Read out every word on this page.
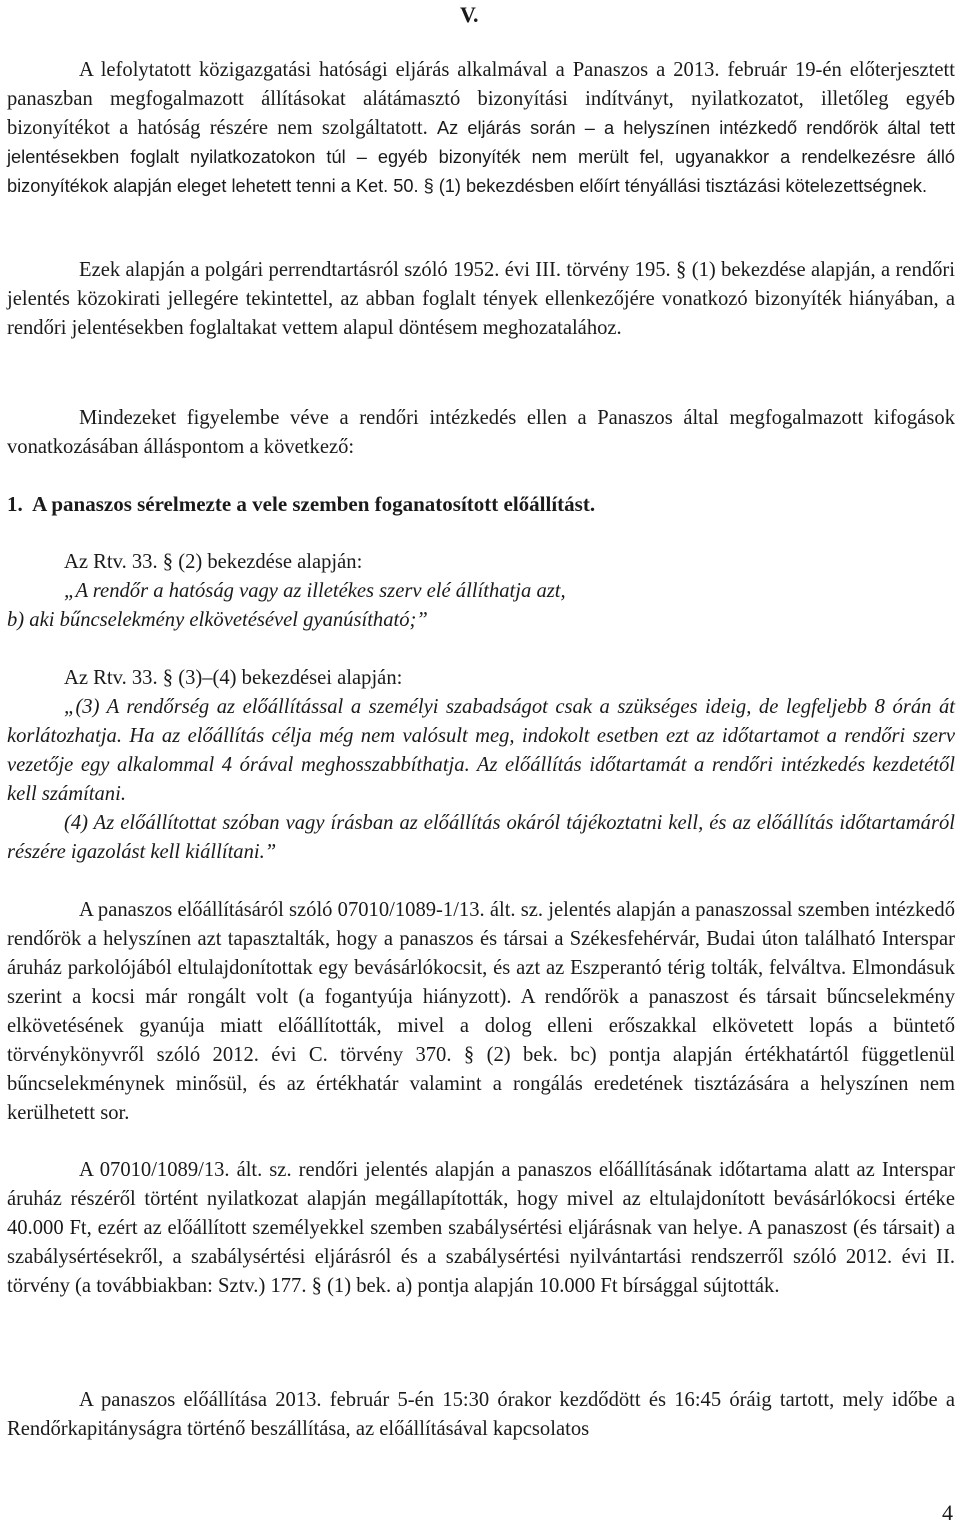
V.

A lefolytatott közigazgatási hatósági eljárás alkalmával a Panaszos a 2013. február 19-én előterjesztett panaszban megfogalmazott állításokat alátámasztó bizonyítási indítványt, nyilatkozatot, illetőleg egyéb bizonyítékot a hatóság részére nem szolgáltatott. Az eljárás során – a helyszínen intézkedő rendőrök által tett jelentésekben foglalt nyilatkozatokon túl – egyéb bizonyíték nem merült fel, ugyanakkor a rendelkezésre álló bizonyítékok alapján eleget lehetett tenni a Ket. 50. § (1) bekezdésben előírt tényállási tisztázási kötelezettségnek.

Ezek alapján a polgári perrendtartásról szóló 1952. évi III. törvény 195. § (1) bekezdése alapján, a rendőri jelentés közokirati jellegére tekintettel, az abban foglalt tények ellenkezőjére vonatkozó bizonyíték hiányában, a rendőri jelentésekben foglaltakat vettem alapul döntésem meghozatalához.

Mindezeket figyelembe véve a rendőri intézkedés ellen a Panaszos által megfogalmazott kifogások vonatkozásában álláspontom a következő:

1. A panaszos sérelmezte a vele szemben foganatosított előállítást.

Az Rtv. 33. § (2) bekezdése alapján:

„A rendőr a hatóság vagy az illetékes szerv elé állíthatja azt,

b) aki bűncselekmény elkövetésével gyanúsítható;”

Az Rtv. 33. § (3)–(4) bekezdései alapján:

„(3) A rendőrség az előállítással a személyi szabadságot csak a szükséges ideig, de legfeljebb 8 órán át korlátozhatja. Ha az előállítás célja még nem valósult meg, indokolt esetben ezt az időtartamot a rendőri szerv vezetője egy alkalommal 4 órával meghosszabbíthatja. Az előállítás időtartamát a rendőri intézkedés kezdetétől kell számítani.

(4) Az előállítottat szóban vagy írásban az előállítás okáról tájékoztatni kell, és az előállítás időtartamáról részére igazolást kell kiállítani.”

A panaszos előállításáról szóló 07010/1089-1/13. ált. sz. jelentés alapján a panaszossal szemben intézkedő rendőrök a helyszínen azt tapasztalták, hogy a panaszos és társai a Székesfehérvár, Budai úton található Interspar áruház parkolójából eltulajdonítottak egy bevásárlókocsit, és azt az Eszperantó térig tolták, felváltva. Elmondásuk szerint a kocsi már rongált volt (a fogantyúja hiányzott). A rendőrök a panaszost és társait bűncselekmény elkövetésének gyanúja miatt előállították, mivel a dolog elleni erőszakkal elkövetett lopás a büntető törvénykönyvről szóló 2012. évi C. törvény 370. § (2) bek. bc) pontja alapján értékhatártól függetlenül bűncselekménynek minősül, és az értékhatár valamint a rongálás eredetének tisztázására a helyszínen nem kerülhetett sor.

A 07010/1089/13. ált. sz. rendőri jelentés alapján a panaszos előállításának időtartama alatt az Interspar áruház részéről történt nyilatkozat alapján megállapították, hogy mivel az eltulajdonított bevásárlókocsi értéke 40.000 Ft, ezért az előállított személyekkel szemben szabálysértési eljárásnak van helye. A panaszost (és társait) a szabálysértésekről, a szabálysértési eljárásról és a szabálysértési nyilvántartási rendszerről szóló 2012. évi II. törvény (a továbbiakban: Sztv.) 177. § (1) bek. a) pontja alapján 10.000 Ft bírsággal sújtották.

A panaszos előállítása 2013. február 5-én 15:30 órakor kezdődött és 16:45 óráig tartott, mely időbe a Rendőrkapitányságra történő beszállítása, az előállításával kapcsolatos

4
